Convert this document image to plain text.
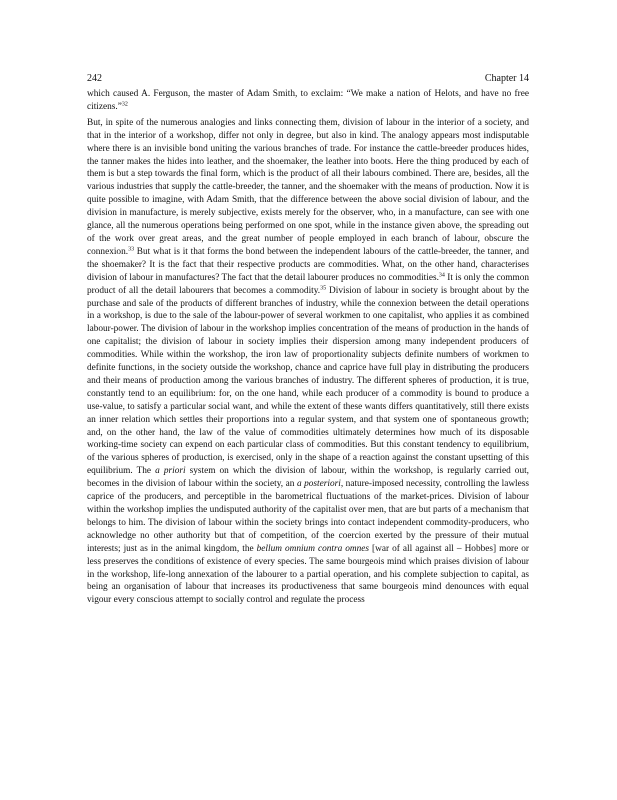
242	Chapter 14

which caused A. Ferguson, the master of Adam Smith, to exclaim: “We make a nation of Helots, and have no free citizens.”$^{32}$

But, in spite of the numerous analogies and links connecting them, division of labour in the interior of a society, and that in the interior of a workshop, differ not only in degree, but also in kind. The analogy appears most indisputable where there is an invisible bond uniting the various branches of trade. For instance the cattle-breeder produces hides, the tanner makes the hides into leather, and the shoemaker, the leather into boots. Here the thing produced by each of them is but a step towards the final form, which is the product of all their labours combined. There are, besides, all the various industries that supply the cattle-breeder, the tanner, and the shoemaker with the means of production. Now it is quite possible to imagine, with Adam Smith, that the difference between the above social division of labour, and the division in manufacture, is merely subjective, exists merely for the observer, who, in a manufacture, can see with one glance, all the numerous operations being performed on one spot, while in the instance given above, the spreading out of the work over great areas, and the great number of people employed in each branch of labour, obscure the connexion.$^{33}$ But what is it that forms the bond between the independent labours of the cattle-breeder, the tanner, and the shoemaker? It is the fact that their respective products are commodities. What, on the other hand, characterises division of labour in manufactures? The fact that the detail labourer produces no commodities.$^{34}$ It is only the common product of all the detail labourers that becomes a commodity.$^{35}$ Division of labour in society is brought about by the purchase and sale of the products of different branches of industry, while the connexion between the detail operations in a workshop, is due to the sale of the labour-power of several workmen to one capitalist, who applies it as combined labour-power. The division of labour in the workshop implies concentration of the means of production in the hands of one capitalist; the division of labour in society implies their dispersion among many independent producers of commodities. While within the workshop, the iron law of proportionality subjects definite numbers of workmen to definite functions, in the society outside the workshop, chance and caprice have full play in distributing the producers and their means of production among the various branches of industry. The different spheres of production, it is true, constantly tend to an equilibrium: for, on the one hand, while each producer of a commodity is bound to produce a use-value, to satisfy a particular social want, and while the extent of these wants differs quantitatively, still there exists an inner relation which settles their proportions into a regular system, and that system one of spontaneous growth; and, on the other hand, the law of the value of commodities ultimately determines how much of its disposable working-time society can expend on each particular class of commodities. But this constant tendency to equilibrium, of the various spheres of production, is exercised, only in the shape of a reaction against the constant upsetting of this equilibrium. The a priori system on which the division of labour, within the workshop, is regularly carried out, becomes in the division of labour within the society, an a posteriori, nature-imposed necessity, controlling the lawless caprice of the producers, and perceptible in the barometrical fluctuations of the market-prices. Division of labour within the workshop implies the undisputed authority of the capitalist over men, that are but parts of a mechanism that belongs to him. The division of labour within the society brings into contact independent commodity-producers, who acknowledge no other authority but that of competition, of the coercion exerted by the pressure of their mutual interests; just as in the animal kingdom, the bellum omnium contra omnes [war of all against all – Hobbes] more or less preserves the conditions of existence of every species. The same bourgeois mind which praises division of labour in the workshop, life-long annexation of the labourer to a partial operation, and his complete subjection to capital, as being an organisation of labour that increases its productiveness that same bourgeois mind denounces with equal vigour every conscious attempt to socially control and regulate the process
